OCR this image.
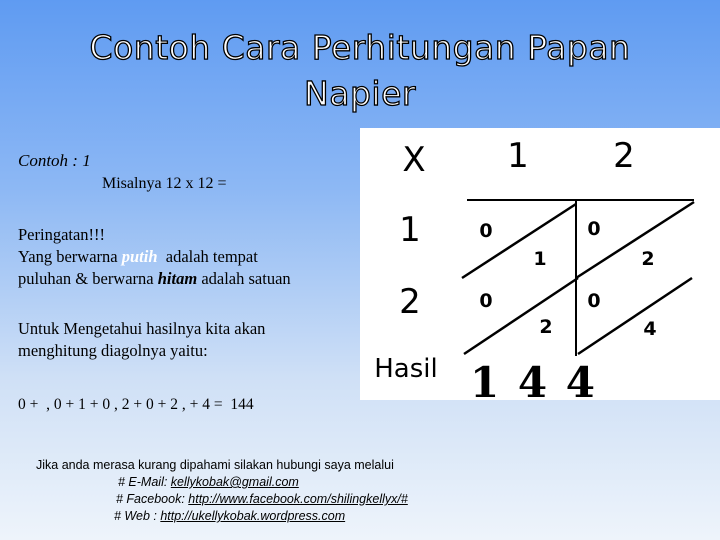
Contoh Cara Perhitungan Papan
Napier
Contoh : 1
Misalnya 12 x 12 =
Peringatan!!!
Yang berwarna putih  adalah tempat
puluhan & berwarna hitam adalah satuan
Untuk Mengetahui hasilnya kita akan
menghitung diagolnya yaitu:
0 +  , 0 + 1 + 0 , 2 + 0 + 2 , + 4 = 144
X 1 2
1
2
0
1
0
2
0
2
0
4
Hasil 1 4 4
Jika anda merasa kurang dipahami silakan hubungi saya melalui
# E-Mail: kellykobak@gmail.com
# Facebook: http://www.facebook.com/shilingkellyx/#
# Web : http://ukellykobak.wordpress.com
